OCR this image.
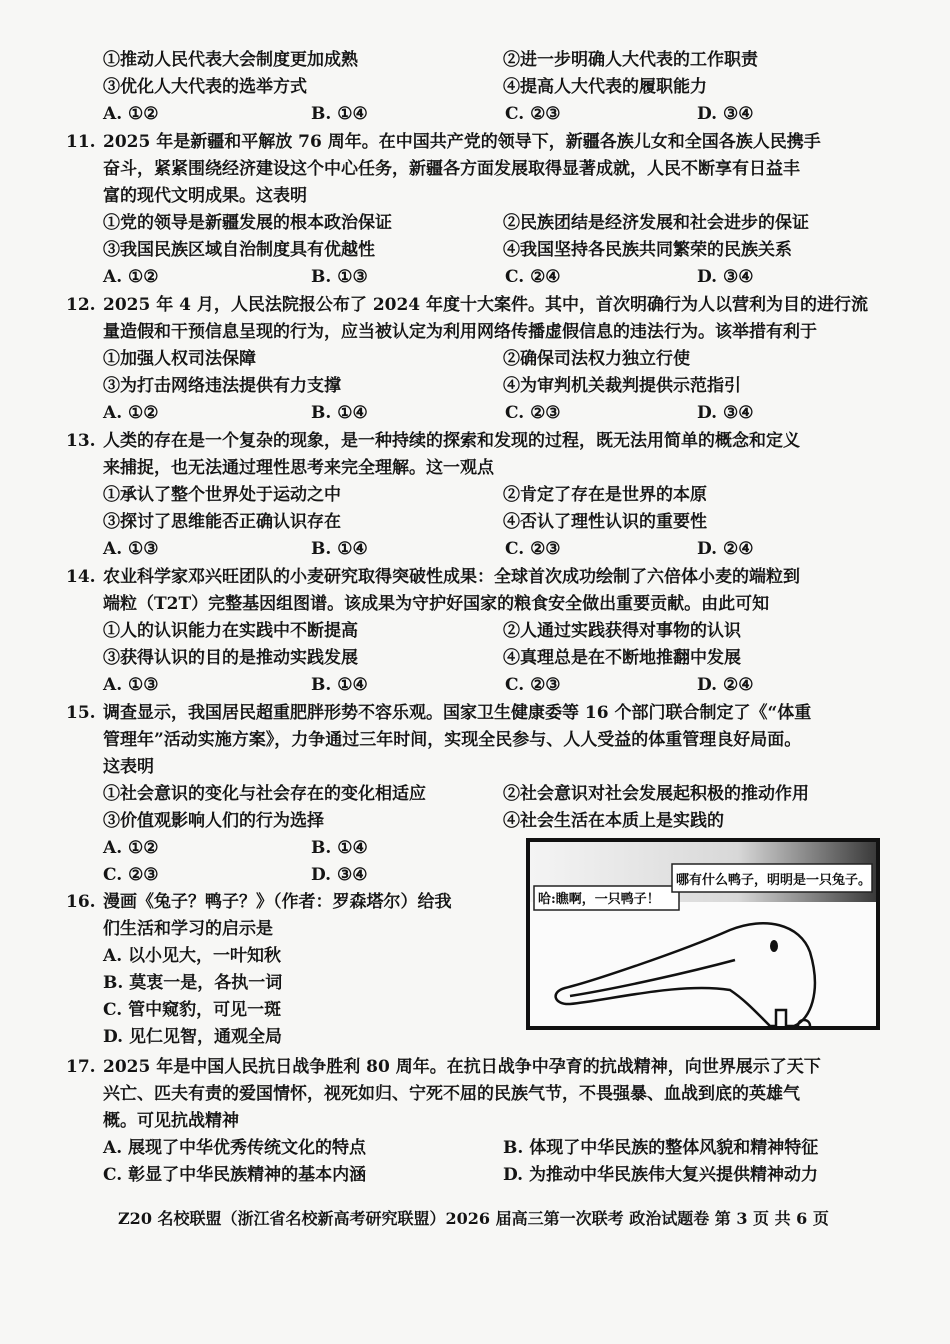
①推动人民代表大会制度更加成熟	②进一步明确人大代表的工作职责
③优化人大代表的选举方式	④提高人大代表的履职能力
A. ①②	B. ①④	C. ②③	D. ③④
11. 2025 年是新疆和平解放 76 周年。在中国共产党的领导下，新疆各族儿女和全国各族人民携手
奋斗，紧紧围绕经济建设这个中心任务，新疆各方面发展取得显著成就，人民不断享有日益丰
富的现代文明成果。这表明
①党的领导是新疆发展的根本政治保证	②民族团结是经济发展和社会进步的保证
③我国民族区域自治制度具有优越性	④我国坚持各民族共同繁荣的民族关系
A. ①②	B. ①③	C. ②④	D. ③④
12. 2025 年 4 月，人民法院报公布了 2024 年度十大案件。其中，首次明确行为人以营利为目的进行流
量造假和干预信息呈现的行为，应当被认定为利用网络传播虚假信息的违法行为。该举措有利于
①加强人权司法保障	②确保司法权力独立行使
③为打击网络违法提供有力支撑	④为审判机关裁判提供示范指引
A. ①②	B. ①④	C. ②③	D. ③④
13. 人类的存在是一个复杂的现象，是一种持续的探索和发现的过程，既无法用简单的概念和定义
来捕捉，也无法通过理性思考来完全理解。这一观点
①承认了整个世界处于运动之中	②肯定了存在是世界的本原
③探讨了思维能否正确认识存在	④否认了理性认识的重要性
A. ①③	B. ①④	C. ②③	D. ②④
14. 农业科学家邓兴旺团队的小麦研究取得突破性成果：全球首次成功绘制了六倍体小麦的端粒到
端粒（T2T）完整基因组图谱。该成果为守护好国家的粮食安全做出重要贡献。由此可知
①人的认识能力在实践中不断提高	②人通过实践获得对事物的认识
③获得认识的目的是推动实践发展	④真理总是在不断地推翻中发展
A. ①③	B. ①④	C. ②③	D. ②④
15. 调查显示，我国居民超重肥胖形势不容乐观。国家卫生健康委等 16 个部门联合制定了《“体重
管理年”活动实施方案》，力争通过三年时间，实现全民参与、人人受益的体重管理良好局面。
这表明
①社会意识的变化与社会存在的变化相适应	②社会意识对社会发展起积极的推动作用
③价值观影响人们的行为选择	④社会生活在本质上是实践的
A. ①②	B. ①④
C. ②③	D. ③④
16. 漫画《兔子？鸭子？》（作者：罗森塔尔）给我
们生活和学习的启示是
A. 以小见大，一叶知秋
B. 莫衷一是，各执一词
C. 管中窥豹，可见一斑
D. 见仁见智，通观全局
哈:瞧啊，一只鸭子！
哪有什么鸭子，明明是一只兔子。
17. 2025 年是中国人民抗日战争胜利 80 周年。在抗日战争中孕育的抗战精神，向世界展示了天下
兴亡、匹夫有责的爱国情怀，视死如归、宁死不屈的民族气节，不畏强暴、血战到底的英雄气
概。可见抗战精神
A. 展现了中华优秀传统文化的特点	B. 体现了中华民族的整体风貌和精神特征
C. 彰显了中华民族精神的基本内涵	D. 为推动中华民族伟大复兴提供精神动力
Z20 名校联盟（浙江省名校新高考研究联盟）2026 届高三第一次联考 政治试题卷 第 3 页 共 6 页
